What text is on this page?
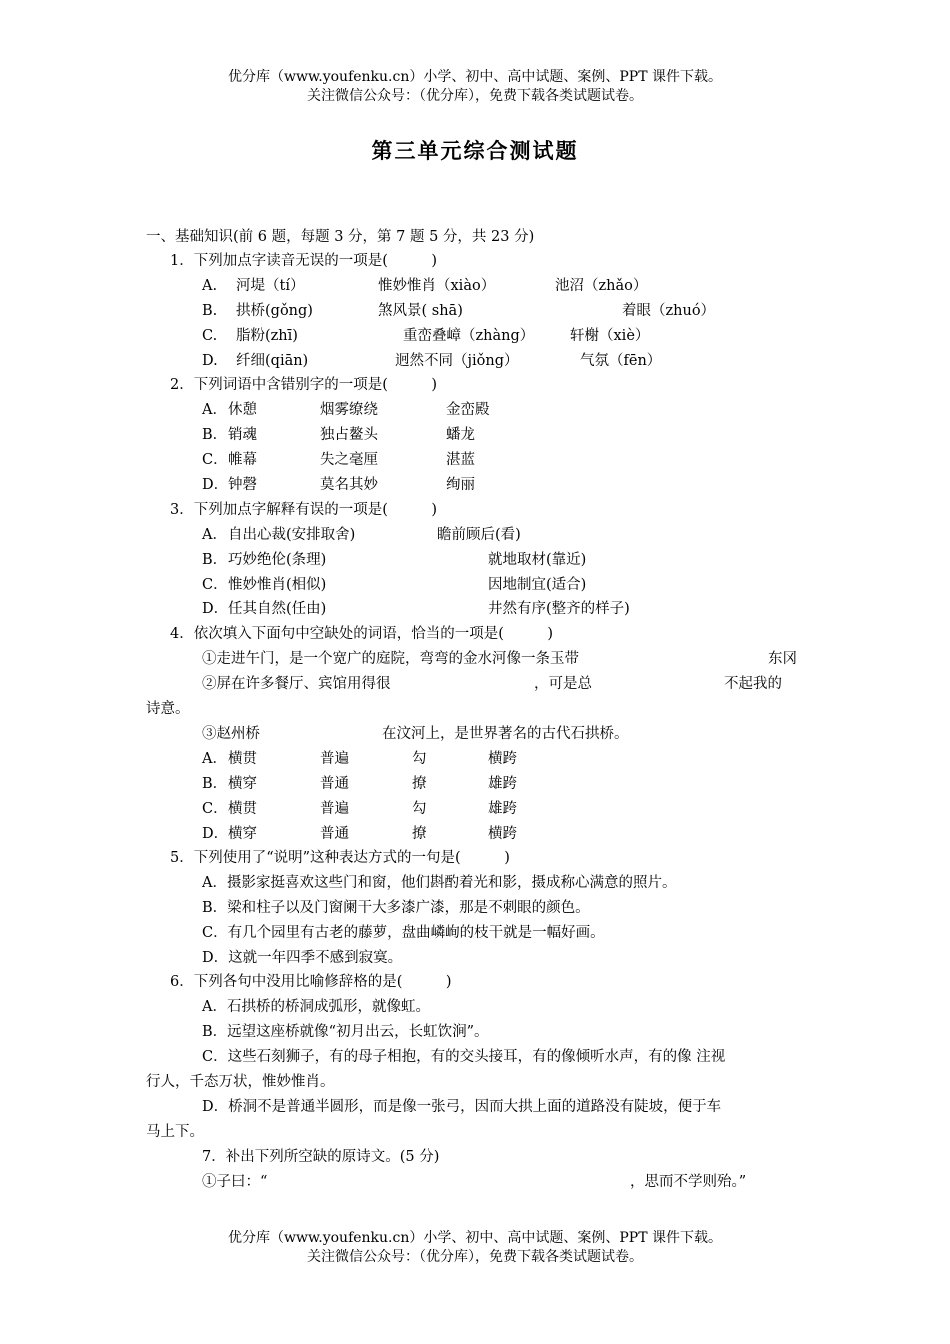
优分库（www.youfenku.cn）小学、初中、高中试题、案例、PPT 课件下载。
关注微信公众号：（优分库），免费下载各类试题试卷。
第三单元综合测试题
一、基础知识(前 6 题，每题 3 分，第 7 题 5 分，共 23 分)
1．下列加点字读音无误的一项是(　　　)
A. 河堤（tí）	惟妙惟肖（xiào）	池沼（zhǎo）
B. 拱桥(gǒng)	煞风景( shā)	着眼（zhuó）
C. 脂粉(zhī)	重峦叠嶂（zhàng） 轩榭（xiè）
D. 纤细(qiān)	迥然不同（jiǒng）	气氛（fēn）
2．下列词语中含错别字的一项是(　　　)
A． 休憩	烟雾缭绕	金峦殿
B． 销魂	独占鳌头	蟠龙
C． 帷幕	失之毫厘	湛蓝
D． 钟磬	莫名其妙	绚丽
3．下列加点字解释有误的一项是(　　　)
A． 自出心裁(安排取舍)	瞻前顾后(看)
B． 巧妙绝伦(条理)	就地取材(靠近)
C． 惟妙惟肖(相似)	因地制宜(适合)
D． 任其自然(任由)	井然有序(整齐的样子)
4．依次填入下面句中空缺处的词语，恰当的一项是(　　　)
①走进午门，是一个宽广的庭院，弯弯的金水河像一条玉带	东冈
②屏在许多餐厅、宾馆用得很	，可是总	不起我的
诗意。
③赵州桥	在汶河上，是世界著名的古代石拱桥。
A． 横贯	普遍	勾	横跨
B． 横穿	普通	撩	雄跨
C． 横贯	普遍	勾	雄跨
D． 横穿	普通	撩	横跨
5．下列使用了“说明”这种表达方式的一句是(　　　)
A．摄影家挺喜欢这些门和窗，他们斟酌着光和影，摄成称心满意的照片。
B．梁和柱子以及门窗阑干大多漆广漆，那是不刺眼的颜色。
C．有几个园里有古老的藤萝，盘曲嶙峋的枝干就是一幅好画。
D．这就一年四季不感到寂寞。
6．下列各句中没用比喻修辞格的是(　　　)
A．石拱桥的桥洞成弧形，就像虹。
B．远望这座桥就像“初月出云，长虹饮涧”。
C．这些石刻狮子，有的母子相抱，有的交头接耳，有的像倾听水声，有的像 注视
行人，千态万状，惟妙惟肖。
D．桥洞不是普通半圆形，而是像一张弓，因而大拱上面的道路没有陡坡，便于车
马上下。
7．补出下列所空缺的原诗文。(5 分)
①子曰：“	，思而不学则殆。”
优分库（www.youfenku.cn）小学、初中、高中试题、案例、PPT 课件下载。
关注微信公众号：（优分库），免费下载各类试题试卷。
